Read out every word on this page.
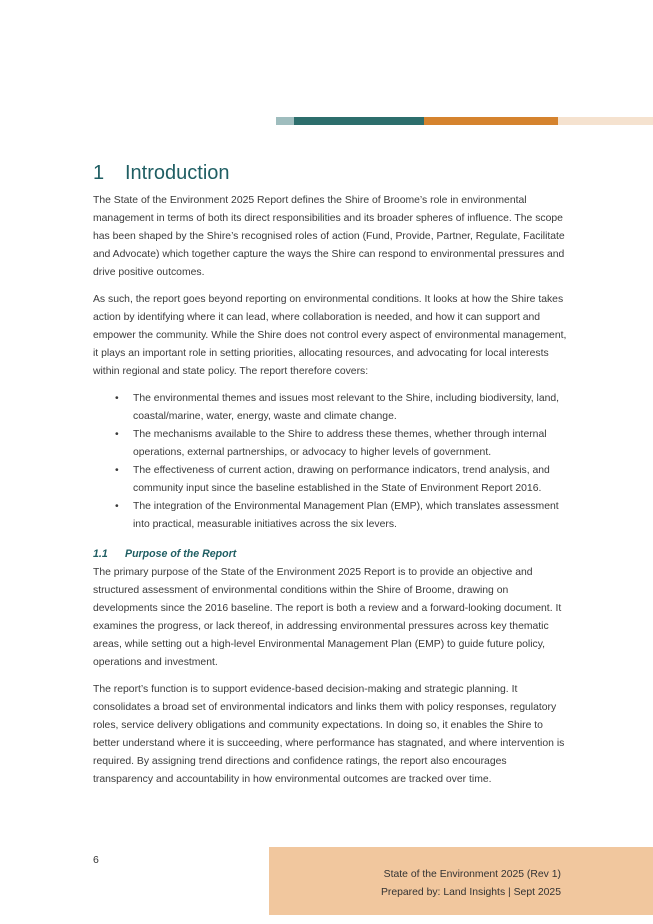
1 Introduction

The State of the Environment 2025 Report defines the Shire of Broome’s role in environmental management in terms of both its direct responsibilities and its broader spheres of influence. The scope has been shaped by the Shire’s recognised roles of action (Fund, Provide, Partner, Regulate, Facilitate and Advocate) which together capture the ways the Shire can respond to environmental pressures and drive positive outcomes.

As such, the report goes beyond reporting on environmental conditions. It looks at how the Shire takes action by identifying where it can lead, where collaboration is needed, and how it can support and empower the community. While the Shire does not control every aspect of environmental management, it plays an important role in setting priorities, allocating resources, and advocating for local interests within regional and state policy. The report therefore covers:

• The environmental themes and issues most relevant to the Shire, including biodiversity, land, coastal/marine, water, energy, waste and climate change.
• The mechanisms available to the Shire to address these themes, whether through internal operations, external partnerships, or advocacy to higher levels of government.
• The effectiveness of current action, drawing on performance indicators, trend analysis, and community input since the baseline established in the State of Environment Report 2016.
• The integration of the Environmental Management Plan (EMP), which translates assessment into practical, measurable initiatives across the six levers.
1.1 Purpose of the Report

The primary purpose of the State of the Environment 2025 Report is to provide an objective and structured assessment of environmental conditions within the Shire of Broome, drawing on developments since the 2016 baseline. The report is both a review and a forward-looking document. It examines the progress, or lack thereof, in addressing environmental pressures across key thematic areas, while setting out a high-level Environmental Management Plan (EMP) to guide future policy, operations and investment.

The report’s function is to support evidence-based decision-making and strategic planning. It consolidates a broad set of environmental indicators and links them with policy responses, regulatory roles, service delivery obligations and community expectations. In doing so, it enables the Shire to better understand where it is succeeding, where performance has stagnated, and where intervention is required. By assigning trend directions and confidence ratings, the report also encourages transparency and accountability in how environmental outcomes are tracked over time.

6
State of the Environment 2025 (Rev 1)
Prepared by: Land Insights | Sept 2025
